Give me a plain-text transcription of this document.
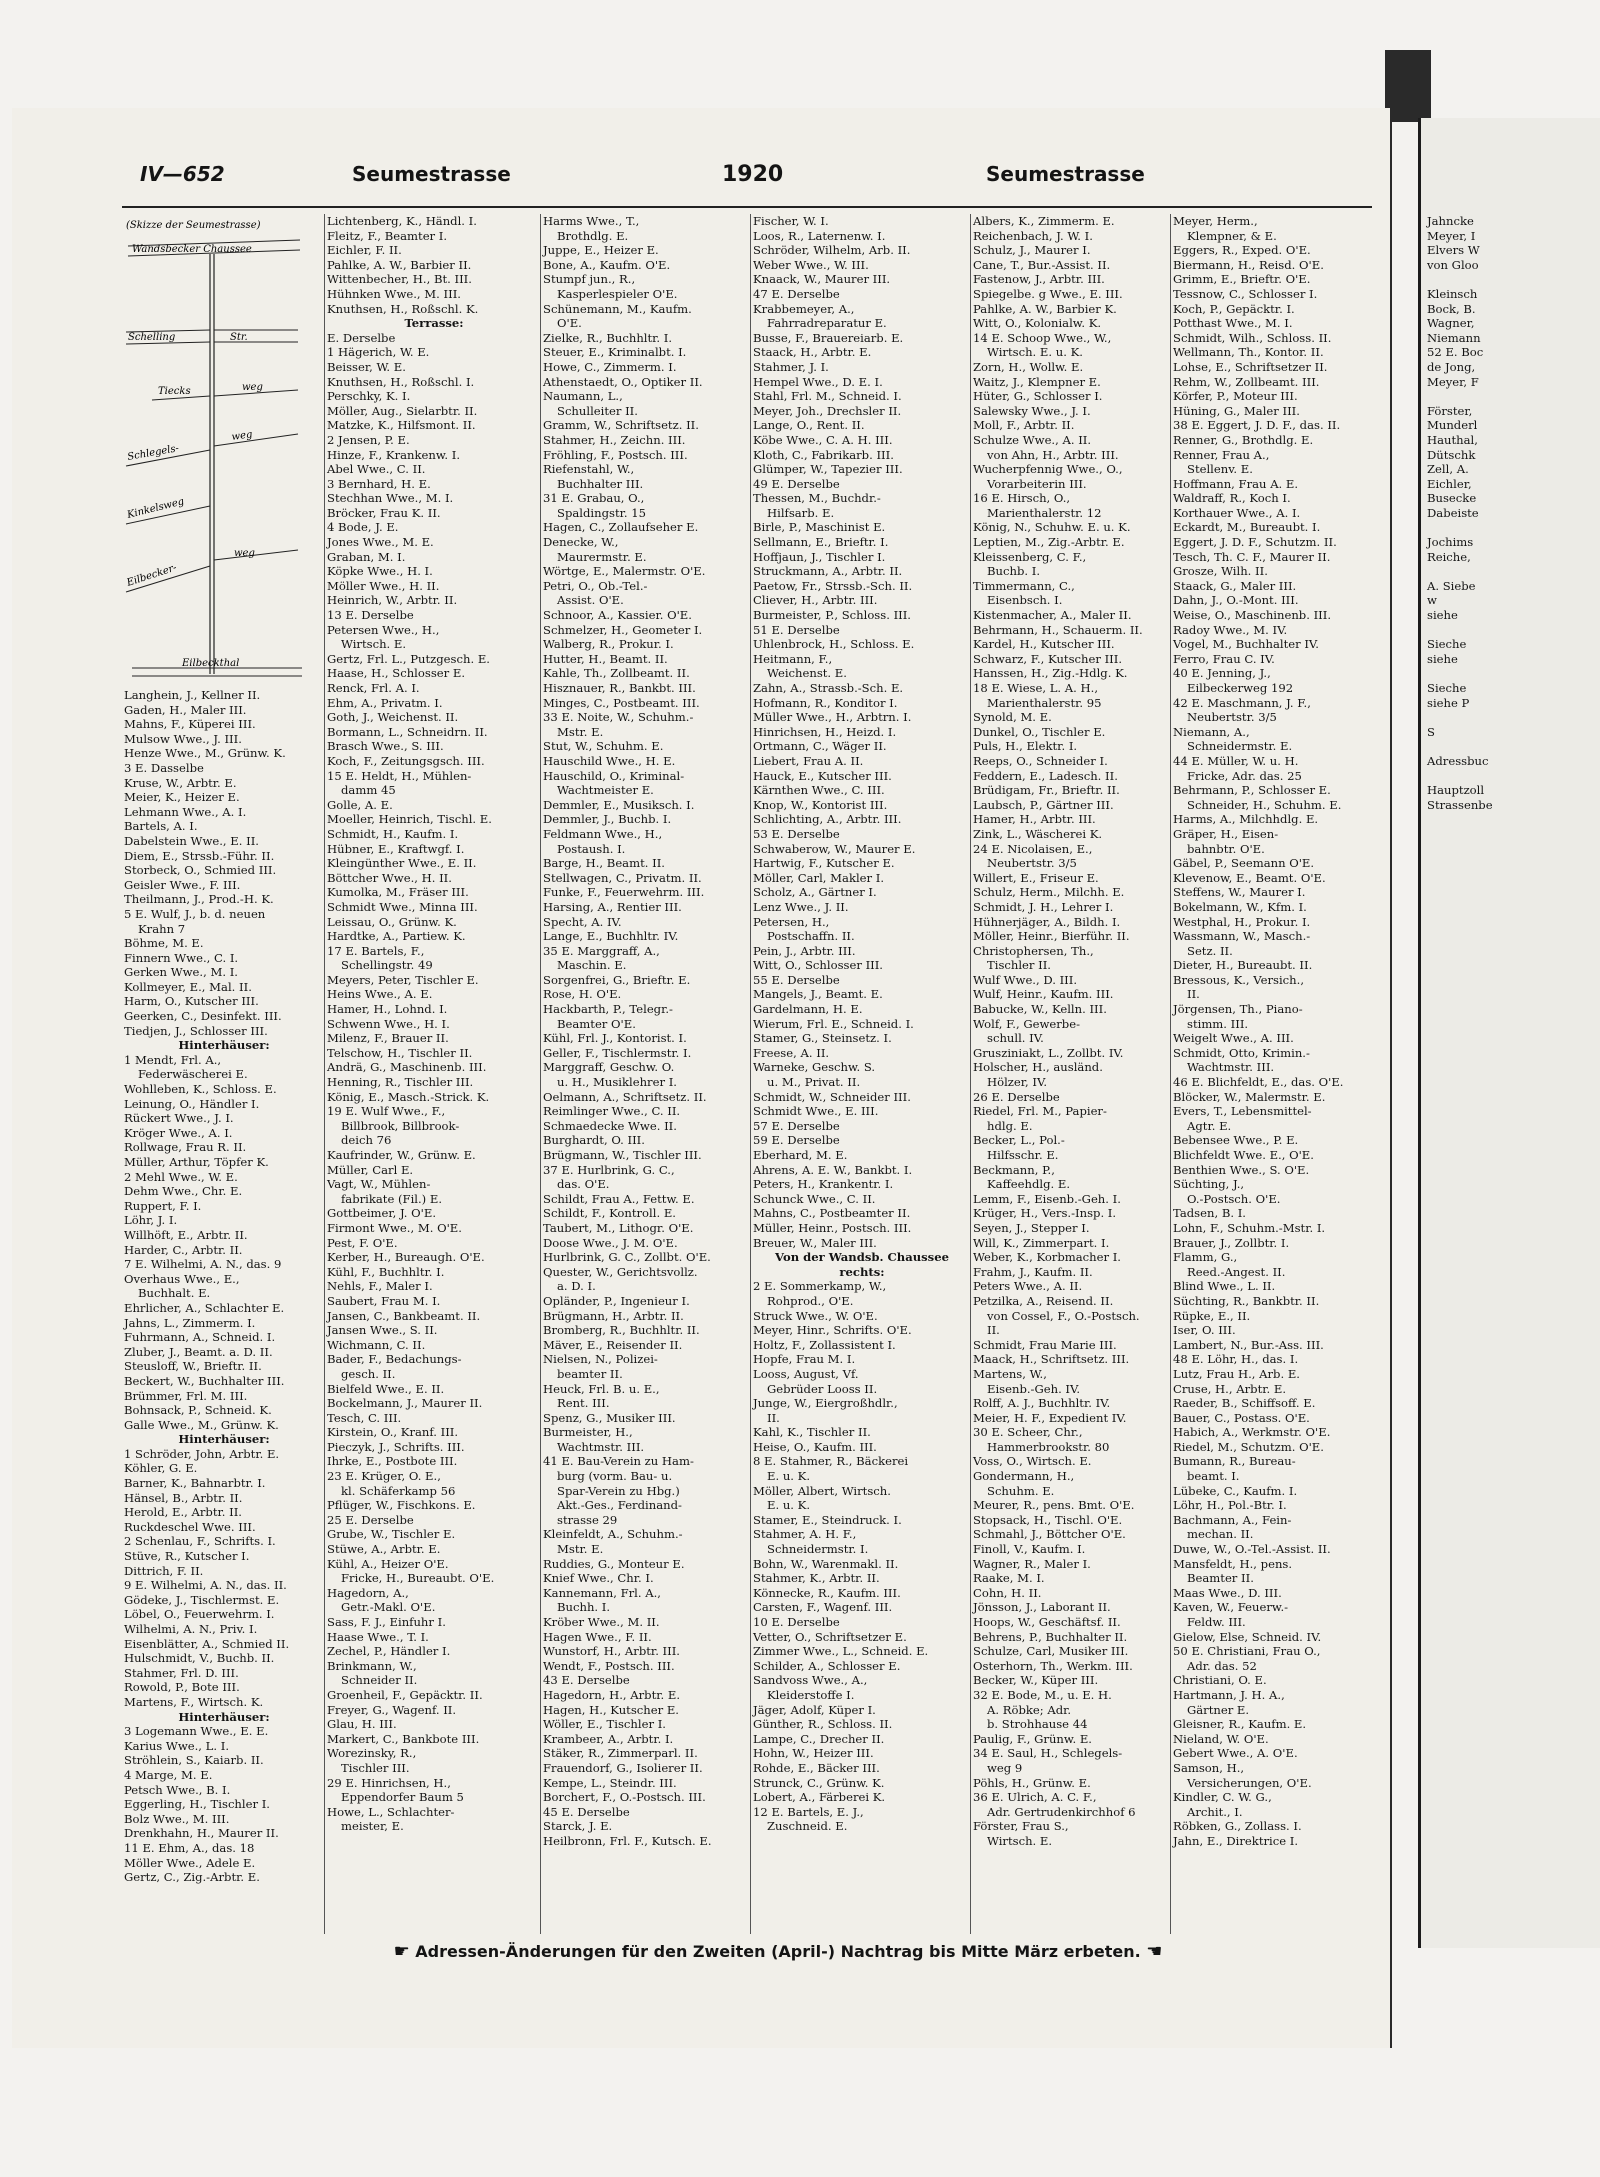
Jahncke
Meyer, I
Elvers W
von Gloo
Kleinsch
Bock, B.
Wagner,
Niemann
52 E. Boc
de Jong,
Meyer, F
Förster,
Munderl
Hauthal,
Dütschk
Zell, A.
Eichler,
Busecke
Dabeiste
Jochims
Reiche,
A. Siebe
w
siehe
Sieche
siehe
Sieche
siehe P
S
Adressbuc
Hauptzoll
Strassenbe
IV—652	Seumestrasse	1920	Seumestrasse
(Skizze der Seumestrasse)
Wandsbecker Chaussee
Schelling	Str.
Tiecks	weg
Schlegels-
weg
Kinkelsweg
Eilbecker-
weg
Eilbeckthal
Langhein, J., Kellner II.
Gaden, H., Maler III.
Mahns, F., Küperei III.
Mulsow Wwe., J. III.
Henze Wwe., M., Grünw. K.
3 E. Dasselbe
Kruse, W., Arbtr. E.
Meier, K., Heizer E.
Lehmann Wwe., A. I.
Bartels, A. I.
Dabelstein Wwe., E. II.
Diem, E., Strssb.-Führ. II.
Storbeck, O., Schmied III.
Geisler Wwe., F. III.
Theilmann, J., Prod.-H. K.
5 E. Wulf, J., b. d. neuen
Krahn 7
Böhme, M. E.
Finnern Wwe., C. I.
Gerken Wwe., M. I.
Kollmeyer, E., Mal. II.
Harm, O., Kutscher III.
Geerken, C., Desinfekt. III.
Tiedjen, J., Schlosser III.
Hinterhäuser:
1 Mendt, Frl. A.,
Federwäscherei E.
Wohlleben, K., Schloss. E.
Leinung, O., Händler I.
Rückert Wwe., J. I.
Kröger Wwe., A. I.
Rollwage, Frau R. II.
Müller, Arthur, Töpfer K.
2 Mehl Wwe., W. E.
Dehm Wwe., Chr. E.
Ruppert, F. I.
Löhr, J. I.
Willhöft, E., Arbtr. II.
Harder, C., Arbtr. II.
7 E. Wilhelmi, A. N., das. 9
Overhaus Wwe., E.,
Buchhalt. E.
Ehrlicher, A., Schlachter E.
Jahns, L., Zimmerm. I.
Fuhrmann, A., Schneid. I.
Zluber, J., Beamt. a. D. II.
Steusloff, W., Brieftr. II.
Beckert, W., Buchhalter III.
Brümmer, Frl. M. III.
Bohnsack, P., Schneid. K.
Galle Wwe., M., Grünw. K.
Hinterhäuser:
1 Schröder, John, Arbtr. E.
Köhler, G. E.
Barner, K., Bahnarbtr. I.
Hänsel, B., Arbtr. II.
Herold, E., Arbtr. II.
Ruckdeschel Wwe. III.
2 Schenlau, F., Schrifts. I.
Stüve, R., Kutscher I.
Dittrich, F. II.
9 E. Wilhelmi, A. N., das. II.
Gödeke, J., Tischlermst. E.
Löbel, O., Feuerwehrm. I.
Wilhelmi, A. N., Priv. I.
Eisenblätter, A., Schmied II.
Hulschmidt, V., Buchb. II.
Stahmer, Frl. D. III.
Rowold, P., Bote III.
Martens, F., Wirtsch. K.
Hinterhäuser:
3 Logemann Wwe., E. E.
Karius Wwe., L. I.
Ströhlein, S., Kaiarb. II.
4 Marge, M. E.
Petsch Wwe., B. I.
Eggerling, H., Tischler I.
Bolz Wwe., M. III.
Drenkhahn, H., Maurer II.
11 E. Ehm, A., das. 18
Möller Wwe., Adele E.
Gertz, C., Zig.-Arbtr. E.
Lichtenberg, K., Händl. I.
Fleitz, F., Beamter I.
Eichler, F. II.
Pahlke, A. W., Barbier II.
Wittenbecher, H., Bt. III.
Hühnken Wwe., M. III.
Knuthsen, H., Roßschl. K.
Terrasse:
E. Derselbe
1 Hägerich, W. E.
Beisser, W. E.
Knuthsen, H., Roßschl. I.
Perschky, K. I.
Möller, Aug., Sielarbtr. II.
Matzke, K., Hilfsmont. II.
2 Jensen, P. E.
Hinze, F., Krankenw. I.
Abel Wwe., C. II.
3 Bernhard, H. E.
Stechhan Wwe., M. I.
Bröcker, Frau K. II.
4 Bode, J. E.
Jones Wwe., M. E.
Graban, M. I.
Köpke Wwe., H. I.
Möller Wwe., H. II.
Heinrich, W., Arbtr. II.
13 E. Derselbe
Petersen Wwe., H.,
Wirtsch. E.
Gertz, Frl. L., Putzgesch. E.
Haase, H., Schlosser E.
Renck, Frl. A. I.
Ehm, A., Privatm. I.
Goth, J., Weichenst. II.
Bormann, L., Schneidrn. II.
Brasch Wwe., S. III.
Koch, F., Zeitungsgsch. III.
15 E. Heldt, H., Mühlen-
damm 45
Golle, A. E.
Moeller, Heinrich, Tischl. E.
Schmidt, H., Kaufm. I.
Hübner, E., Kraftwgf. I.
Kleingünther Wwe., E. II.
Böttcher Wwe., H. II.
Kumolka, M., Fräser III.
Schmidt Wwe., Minna III.
Leissau, O., Grünw. K.
Hardtke, A., Partiew. K.
17 E. Bartels, F.,
Schellingstr. 49
Meyers, Peter, Tischler E.
Heins Wwe., A. E.
Hamer, H., Lohnd. I.
Schwenn Wwe., H. I.
Milenz, F., Brauer II.
Telschow, H., Tischler II.
Andrä, G., Maschinenb. III.
Henning, R., Tischler III.
König, E., Masch.-Strick. K.
19 E. Wulf Wwe., F.,
Billbrook, Billbrook-
deich 76
Kaufrinder, W., Grünw. E.
Müller, Carl E.
Vagt, W., Mühlen-
fabrikate (Fil.) E.
Gottbeimer, J. O'E.
Firmont Wwe., M. O'E.
Pest, F. O'E.
Kerber, H., Bureaugh. O'E.
Kühl, F., Buchhltr. I.
Nehls, F., Maler I.
Saubert, Frau M. I.
Jansen, C., Bankbeamt. II.
Jansen Wwe., S. II.
Wichmann, C. II.
Bader, F., Bedachungs-
gesch. II.
Bielfeld Wwe., E. II.
Bockelmann, J., Maurer II.
Tesch, C. III.
Kirstein, O., Kranf. III.
Pieczyk, J., Schrifts. III.
Ihrke, E., Postbote III.
23 E. Krüger, O. E.,
kl. Schäferkamp 56
Pflüger, W., Fischkons. E.
25 E. Derselbe
Grube, W., Tischler E.
Stüwe, A., Arbtr. E.
Kühl, A., Heizer O'E.
Fricke, H., Bureaubt. O'E.
Hagedorn, A.,
Getr.-Makl. O'E.
Sass, F. J., Einfuhr I.
Haase Wwe., T. I.
Zechel, P., Händler I.
Brinkmann, W.,
Schneider II.
Groenheil, F., Gepäcktr. II.
Freyer, G., Wagenf. II.
Glau, H. III.
Markert, C., Bankbote III.
Worezinsky, R.,
Tischler III.
29 E. Hinrichsen, H.,
Eppendorfer Baum 5
Howe, L., Schlachter-
meister, E.
Harms Wwe., T.,
Brothdlg. E.
Juppe, E., Heizer E.
Bone, A., Kaufm. O'E.
Stumpf jun., R.,
Kasperlespieler O'E.
Schünemann, M., Kaufm.
O'E.
Zielke, R., Buchhltr. I.
Steuer, E., Kriminalbt. I.
Howe, C., Zimmerm. I.
Athenstaedt, O., Optiker II.
Naumann, L.,
Schulleiter II.
Gramm, W., Schriftsetz. II.
Stahmer, H., Zeichn. III.
Fröhling, F., Postsch. III.
Riefenstahl, W.,
Buchhalter III.
31 E. Grabau, O.,
Spaldingstr. 15
Hagen, C., Zollaufseher E.
Denecke, W.,
Maurermstr. E.
Wörtge, E., Malermstr. O'E.
Petri, O., Ob.-Tel.-
Assist. O'E.
Schnoor, A., Kassier. O'E.
Schmelzer, H., Geometer I.
Walberg, R., Prokur. I.
Hutter, H., Beamt. II.
Kahle, Th., Zollbeamt. II.
Hisznauer, R., Bankbt. III.
Minges, C., Postbeamt. III.
33 E. Noite, W., Schuhm.-
Mstr. E.
Stut, W., Schuhm. E.
Hauschild Wwe., H. E.
Hauschild, O., Kriminal-
Wachtmeister E.
Demmler, E., Musiksch. I.
Demmler, J., Buchb. I.
Feldmann Wwe., H.,
Postaush. I.
Barge, H., Beamt. II.
Stellwagen, C., Privatm. II.
Funke, F., Feuerwehrm. III.
Harsing, A., Rentier III.
Specht, A. IV.
Lange, E., Buchhltr. IV.
35 E. Marggraff, A.,
Maschin. E.
Sorgenfrei, G., Brieftr. E.
Rose, H. O'E.
Hackbarth, P., Telegr.-
Beamter O'E.
Kühl, Frl. J., Kontorist. I.
Geller, F., Tischlermstr. I.
Marggraff, Geschw. O.
u. H., Musiklehrer I.
Oelmann, A., Schriftsetz. II.
Reimlinger Wwe., C. II.
Schmaedecke Wwe. II.
Burghardt, O. III.
Brügmann, W., Tischler III.
37 E. Hurlbrink, G. C.,
das. O'E.
Schildt, Frau A., Fettw. E.
Schildt, F., Kontroll. E.
Taubert, M., Lithogr. O'E.
Doose Wwe., J. M. O'E.
Hurlbrink, G. C., Zollbt. O'E.
Quester, W., Gerichtsvollz.
a. D. I.
Opländer, P., Ingenieur I.
Brügmann, H., Arbtr. II.
Bromberg, R., Buchhltr. II.
Mäver, E., Reisender II.
Nielsen, N., Polizei-
beamter II.
Heuck, Frl. B. u. E.,
Rent. III.
Spenz, G., Musiker III.
Burmeister, H.,
Wachtmstr. III.
41 E. Bau-Verein zu Ham-
burg (vorm. Bau- u.
Spar-Verein zu Hbg.)
Akt.-Ges., Ferdinand-
strasse 29
Kleinfeldt, A., Schuhm.-
Mstr. E.
Ruddies, G., Monteur E.
Knief Wwe., Chr. I.
Kannemann, Frl. A.,
Buchh. I.
Kröber Wwe., M. II.
Hagen Wwe., F. II.
Wunstorf, H., Arbtr. III.
Wendt, F., Postsch. III.
43 E. Derselbe
Hagedorn, H., Arbtr. E.
Hagen, H., Kutscher E.
Wöller, E., Tischler I.
Krambeer, A., Arbtr. I.
Stäker, R., Zimmerparl. II.
Frauendorf, G., Isolierer II.
Kempe, L., Steindr. III.
Borchert, F., O.-Postsch. III.
45 E. Derselbe
Starck, J. E.
Heilbronn, Frl. F., Kutsch. E.
Fischer, W. I.
Loos, R., Laternenw. I.
Schröder, Wilhelm, Arb. II.
Weber Wwe., W. III.
Knaack, W., Maurer III.
47 E. Derselbe
Krabbemeyer, A.,
Fahrradreparatur E.
Busse, F., Brauereiarb. E.
Staack, H., Arbtr. E.
Stahmer, J. I.
Hempel Wwe., D. E. I.
Stahl, Frl. M., Schneid. I.
Meyer, Joh., Drechsler II.
Lange, O., Rent. II.
Köbe Wwe., C. A. H. III.
Kloth, C., Fabrikarb. III.
Glümper, W., Tapezier III.
49 E. Derselbe
Thessen, M., Buchdr.-
Hilfsarb. E.
Birle, P., Maschinist E.
Sellmann, E., Brieftr. I.
Hoffjaun, J., Tischler I.
Struckmann, A., Arbtr. II.
Paetow, Fr., Strssb.-Sch. II.
Cliever, H., Arbtr. III.
Burmeister, P., Schloss. III.
51 E. Derselbe
Uhlenbrock, H., Schloss. E.
Heitmann, F.,
Weichenst. E.
Zahn, A., Strassb.-Sch. E.
Hofmann, R., Konditor I.
Müller Wwe., H., Arbtrn. I.
Hinrichsen, H., Heizd. I.
Ortmann, C., Wäger II.
Liebert, Frau A. II.
Hauck, E., Kutscher III.
Kärnthen Wwe., C. III.
Knop, W., Kontorist III.
Schlichting, A., Arbtr. III.
53 E. Derselbe
Schwaberow, W., Maurer E.
Hartwig, F., Kutscher E.
Möller, Carl, Makler I.
Scholz, A., Gärtner I.
Lenz Wwe., J. II.
Petersen, H.,
Postschaffn. II.
Pein, J., Arbtr. III.
Witt, O., Schlosser III.
55 E. Derselbe
Mangels, J., Beamt. E.
Gardelmann, H. E.
Wierum, Frl. E., Schneid. I.
Stamer, G., Steinsetz. I.
Freese, A. II.
Warneke, Geschw. S.
u. M., Privat. II.
Schmidt, W., Schneider III.
Schmidt Wwe., E. III.
57 E. Derselbe
59 E. Derselbe
Eberhard, M. E.
Ahrens, A. E. W., Bankbt. I.
Peters, H., Krankentr. I.
Schunck Wwe., C. II.
Mahns, C., Postbeamter II.
Müller, Heinr., Postsch. III.
Breuer, W., Maler III.
Von der Wandsb. Chaussee
rechts:
2 E. Sommerkamp, W.,
Rohprod., O'E.
Struck Wwe., W. O'E.
Meyer, Hinr., Schrifts. O'E.
Holtz, F., Zollassistent I.
Hopfe, Frau M. I.
Looss, August, Vf.
Gebrüder Looss II.
Junge, W., Eiergroßhdlr.,
II.
Kahl, K., Tischler II.
Heise, O., Kaufm. III.
8 E. Stahmer, R., Bäckerei
E. u. K.
Möller, Albert, Wirtsch.
E. u. K.
Stamer, E., Steindruck. I.
Stahmer, A. H. F.,
Schneidermstr. I.
Bohn, W., Warenmakl. II.
Stahmer, K., Arbtr. II.
Könnecke, R., Kaufm. III.
Carsten, F., Wagenf. III.
10 E. Derselbe
Vetter, O., Schriftsetzer E.
Zimmer Wwe., L., Schneid. E.
Schilder, A., Schlosser E.
Sandvoss Wwe., A.,
Kleiderstoffe I.
Jäger, Adolf, Küper I.
Günther, R., Schloss. II.
Lampe, C., Drecher II.
Hohn, W., Heizer III.
Rohde, E., Bäcker III.
Strunck, C., Grünw. K.
Lobert, A., Färberei K.
12 E. Bartels, E. J.,
Zuschneid. E.
Albers, K., Zimmerm. E.
Reichenbach, J. W. I.
Schulz, J., Maurer I.
Cane, T., Bur.-Assist. II.
Fastenow, J., Arbtr. III.
Spiegelbe. g Wwe., E. III.
Pahlke, A. W., Barbier K.
Witt, O., Kolonialw. K.
14 E. Schoop Wwe., W.,
Wirtsch. E. u. K.
Zorn, H., Wollw. E.
Waitz, J., Klempner E.
Hüter, G., Schlosser I.
Salewsky Wwe., J. I.
Moll, F., Arbtr. II.
Schulze Wwe., A. II.
von Ahn, H., Arbtr. III.
Wucherpfennig Wwe., O.,
Vorarbeiterin III.
16 E. Hirsch, O.,
Marienthalerstr. 12
König, N., Schuhw. E. u. K.
Leptien, M., Zig.-Arbtr. E.
Kleissenberg, C. F.,
Buchb. I.
Timmermann, C.,
Eisenbsch. I.
Kistenmacher, A., Maler II.
Behrmann, H., Schauerm. II.
Kardel, H., Kutscher III.
Schwarz, F., Kutscher III.
Hanssen, H., Zig.-Hdlg. K.
18 E. Wiese, L. A. H.,
Marienthalerstr. 95
Synold, M. E.
Dunkel, O., Tischler E.
Puls, H., Elektr. I.
Reeps, O., Schneider I.
Feddern, E., Ladesch. II.
Brüdigam, Fr., Brieftr. II.
Laubsch, P., Gärtner III.
Hamer, H., Arbtr. III.
Zink, L., Wäscherei K.
24 E. Nicolaisen, E.,
Neubertstr. 3/5
Willert, E., Friseur E.
Schulz, Herm., Milchh. E.
Schmidt, J. H., Lehrer I.
Hühnerjäger, A., Bildh. I.
Möller, Heinr., Bierführ. II.
Christophersen, Th.,
Tischler II.
Wulf Wwe., D. III.
Wulf, Heinr., Kaufm. III.
Babucke, W., Kelln. III.
Wolf, F., Gewerbe-
schull. IV.
Grusziniakt, L., Zollbt. IV.
Holscher, H., ausländ.
Hölzer, IV.
26 E. Derselbe
Riedel, Frl. M., Papier-
hdlg. E.
Becker, L., Pol.-
Hilfsschr. E.
Beckmann, P.,
Kaffeehdlg. E.
Lemm, F., Eisenb.-Geh. I.
Krüger, H., Vers.-Insp. I.
Seyen, J., Stepper I.
Will, K., Zimmerpart. I.
Weber, K., Korbmacher I.
Frahm, J., Kaufm. II.
Peters Wwe., A. II.
Petzilka, A., Reisend. II.
von Cossel, F., O.-Postsch.
II.
Schmidt, Frau Marie III.
Maack, H., Schriftsetz. III.
Martens, W.,
Eisenb.-Geh. IV.
Rolff, A. J., Buchhltr. IV.
Meier, H. F., Expedient IV.
30 E. Scheer, Chr.,
Hammerbrookstr. 80
Voss, O., Wirtsch. E.
Gondermann, H.,
Schuhm. E.
Meurer, R., pens. Bmt. O'E.
Stopsack, H., Tischl. O'E.
Schmahl, J., Böttcher O'E.
Finoll, V., Kaufm. I.
Wagner, R., Maler I.
Raake, M. I.
Cohn, H. II.
Jönsson, J., Laborant II.
Hoops, W., Geschäftsf. II.
Behrens, P., Buchhalter II.
Schulze, Carl, Musiker III.
Osterhorn, Th., Werkm. III.
Becker, W., Küper III.
32 E. Bode, M., u. E. H.
A. Röbke; Adr.
b. Strohhause 44
Paulig, F., Grünw. E.
34 E. Saul, H., Schlegels-
weg 9
Pöhls, H., Grünw. E.
36 E. Ulrich, A. C. F.,
Adr. Gertrudenkirchhof 6
Förster, Frau S.,
Wirtsch. E.
Meyer, Herm.,
Klempner, & E.
Eggers, R., Exped. O'E.
Biermann, H., Reisd. O'E.
Grimm, E., Brieftr. O'E.
Tessnow, C., Schlosser I.
Koch, P., Gepäcktr. I.
Potthast Wwe., M. I.
Schmidt, Wilh., Schloss. II.
Wellmann, Th., Kontor. II.
Lohse, E., Schriftsetzer II.
Rehm, W., Zollbeamt. III.
Körfer, P., Moteur III.
Hüning, G., Maler III.
38 E. Eggert, J. D. F., das. II.
Renner, G., Brothdlg. E.
Renner, Frau A.,
Stellenv. E.
Hoffmann, Frau A. E.
Waldraff, R., Koch I.
Korthauer Wwe., A. I.
Eckardt, M., Bureaubt. I.
Eggert, J. D. F., Schutzm. II.
Tesch, Th. C. F., Maurer II.
Grosze, Wilh. II.
Staack, G., Maler III.
Dahn, J., O.-Mont. III.
Weise, O., Maschinenb. III.
Radoy Wwe., M. IV.
Vogel, M., Buchhalter IV.
Ferro, Frau C. IV.
40 E. Jenning, J.,
Eilbeckerweg 192
42 E. Maschmann, J. F.,
Neubertstr. 3/5
Niemann, A.,
Schneidermstr. E.
44 E. Müller, W. u. H.
Fricke, Adr. das. 25
Behrmann, P., Schlosser E.
Schneider, H., Schuhm. E.
Harms, A., Milchhdlg. E.
Gräper, H., Eisen-
bahnbtr. O'E.
Gäbel, P., Seemann O'E.
Klevenow, E., Beamt. O'E.
Steffens, W., Maurer I.
Bokelmann, W., Kfm. I.
Westphal, H., Prokur. I.
Wassmann, W., Masch.-
Setz. II.
Dieter, H., Bureaubt. II.
Bressous, K., Versich.,
II.
Jörgensen, Th., Piano-
stimm. III.
Weigelt Wwe., A. III.
Schmidt, Otto, Krimin.-
Wachtmstr. III.
46 E. Blichfeldt, E., das. O'E.
Blöcker, W., Malermstr. E.
Evers, T., Lebensmittel-
Agtr. E.
Bebensee Wwe., P. E.
Blichfeldt Wwe. E., O'E.
Benthien Wwe., S. O'E.
Süchting, J.,
O.-Postsch. O'E.
Tadsen, B. I.
Lohn, F., Schuhm.-Mstr. I.
Brauer, J., Zollbtr. I.
Flamm, G.,
Reed.-Angest. II.
Blind Wwe., L. II.
Süchting, R., Bankbtr. II.
Rüpke, E., II.
Iser, O. III.
Lambert, N., Bur.-Ass. III.
48 E. Löhr, H., das. I.
Lutz, Frau H., Arb. E.
Cruse, H., Arbtr. E.
Raeder, B., Schiffsoff. E.
Bauer, C., Postass. O'E.
Habich, A., Werkmstr. O'E.
Riedel, M., Schutzm. O'E.
Bumann, R., Bureau-
beamt. I.
Lübeke, C., Kaufm. I.
Löhr, H., Pol.-Btr. I.
Bachmann, A., Fein-
mechan. II.
Duwe, W., O.-Tel.-Assist. II.
Mansfeldt, H., pens.
Beamter II.
Maas Wwe., D. III.
Kaven, W., Feuerw.-
Feldw. III.
Gielow, Else, Schneid. IV.
50 E. Christiani, Frau O.,
Adr. das. 52
Christiani, O. E.
Hartmann, J. H. A.,
Gärtner E.
Gleisner, R., Kaufm. E.
Nieland, W. O'E.
Gebert Wwe., A. O'E.
Samson, H.,
Versicherungen, O'E.
Kindler, C. W. G.,
Archit., I.
Röbken, G., Zollass. I.
Jahn, E., Direktrice I.
☛ Adressen-Änderungen für den Zweiten (April-) Nachtrag bis Mitte März erbeten. ☚
